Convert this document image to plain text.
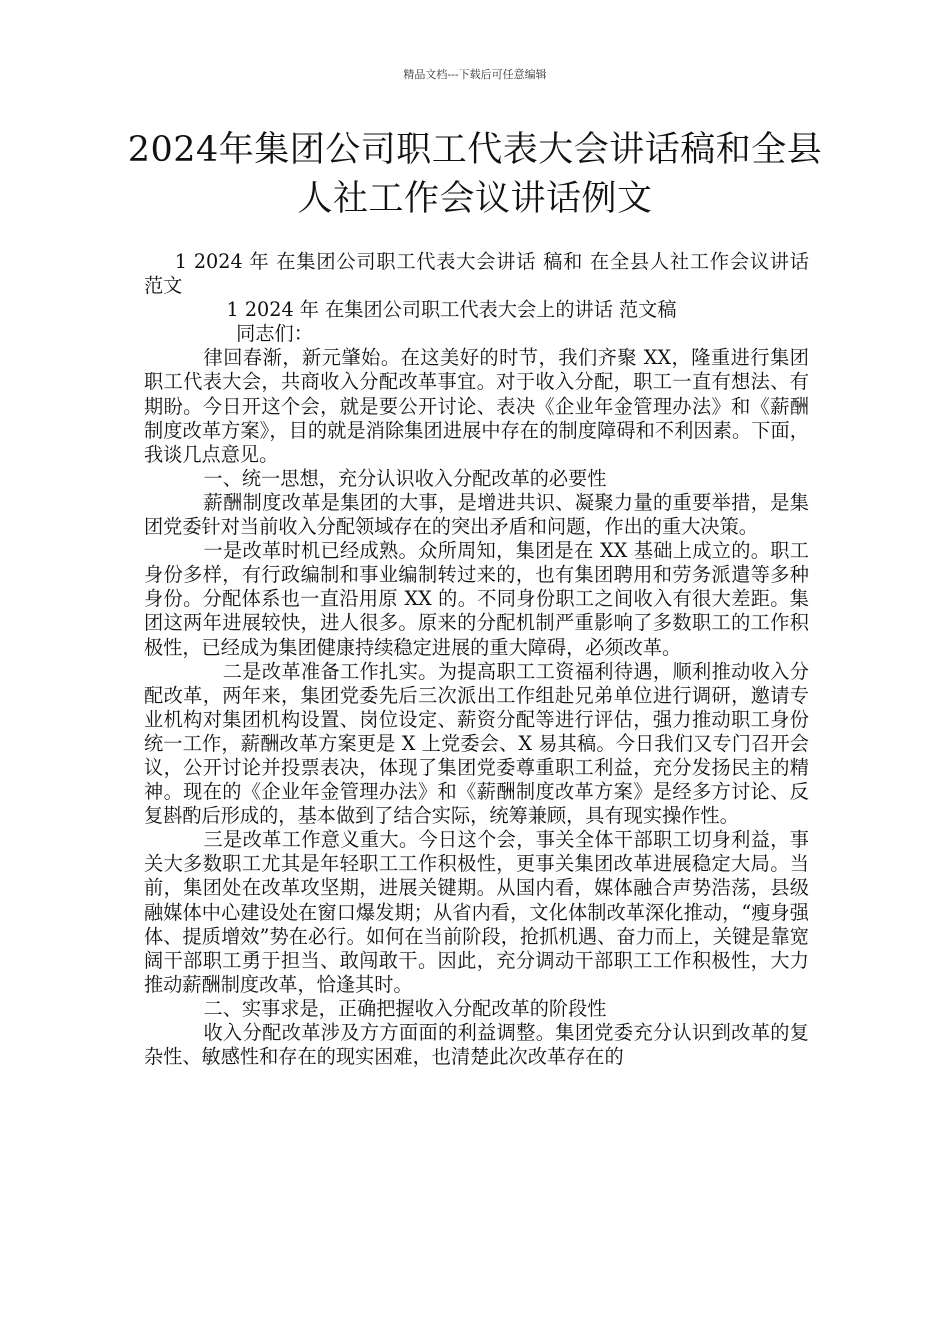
精品文档---下载后可任意编辑
2024年集团公司职工代表大会讲话稿和全县人社工作会议讲话例文

1 2024 年 在集团公司职工代表大会讲话 稿和 在全县人社工作会议讲话 范文

1 2024 年 在集团公司职工代表大会上的讲话 范文稿

同志们：

律回春渐，新元肇始。在这美好的时节，我们齐聚 XX，隆重进行集团职工代表大会，共商收入分配改革事宜。对于收入分配，职工一直有想法、有期盼。今日开这个会，就是要公开讨论、表决《企业年金管理办法》和《薪酬制度改革方案》，目的就是消除集团进展中存在的制度障碍和不利因素。下面，我谈几点意见。

一、统一思想，充分认识收入分配改革的必要性

薪酬制度改革是集团的大事，是增进共识、凝聚力量的重要举措，是集团党委针对当前收入分配领域存在的突出矛盾和问题，作出的重大决策。

一是改革时机已经成熟。众所周知，集团是在 XX 基础上成立的。职工身份多样，有行政编制和事业编制转过来的，也有集团聘用和劳务派遣等多种身份。分配体系也一直沿用原 XX 的。不同身份职工之间收入有很大差距。集团这两年进展较快，进人很多。原来的分配机制严重影响了多数职工的工作积极性，已经成为集团健康持续稳定进展的重大障碍，必须改革。

二是改革准备工作扎实。为提高职工工资福利待遇，顺利推动收入分配改革，两年来，集团党委先后三次派出工作组赴兄弟单位进行调研，邀请专业机构对集团机构设置、岗位设定、薪资分配等进行评估，强力推动职工身份统一工作，薪酬改革方案更是 X 上党委会、X 易其稿。今日我们又专门召开会议，公开讨论并投票表决，体现了集团党委尊重职工利益，充分发扬民主的精神。现在的《企业年金管理办法》和《薪酬制度改革方案》是经多方讨论、反复斟酌后形成的，基本做到了结合实际，统筹兼顾，具有现实操作性。

三是改革工作意义重大。今日这个会，事关全体干部职工切身利益，事关大多数职工尤其是年轻职工工作积极性，更事关集团改革进展稳定大局。当前，集团处在改革攻坚期，进展关键期。从国内看，媒体融合声势浩荡，县级融媒体中心建设处在窗口爆发期；从省内看，文化体制改革深化推动，“瘦身强体、提质增效”势在必行。如何在当前阶段，抢抓机遇、奋力而上，关键是靠宽阔干部职工勇于担当、敢闯敢干。因此，充分调动干部职工工作积极性，大力推动薪酬制度改革，恰逢其时。

二、实事求是，正确把握收入分配改革的阶段性

收入分配改革涉及方方面面的利益调整。集团党委充分认识到改革的复杂性、敏感性和存在的现实困难，也清楚此次改革存在的
